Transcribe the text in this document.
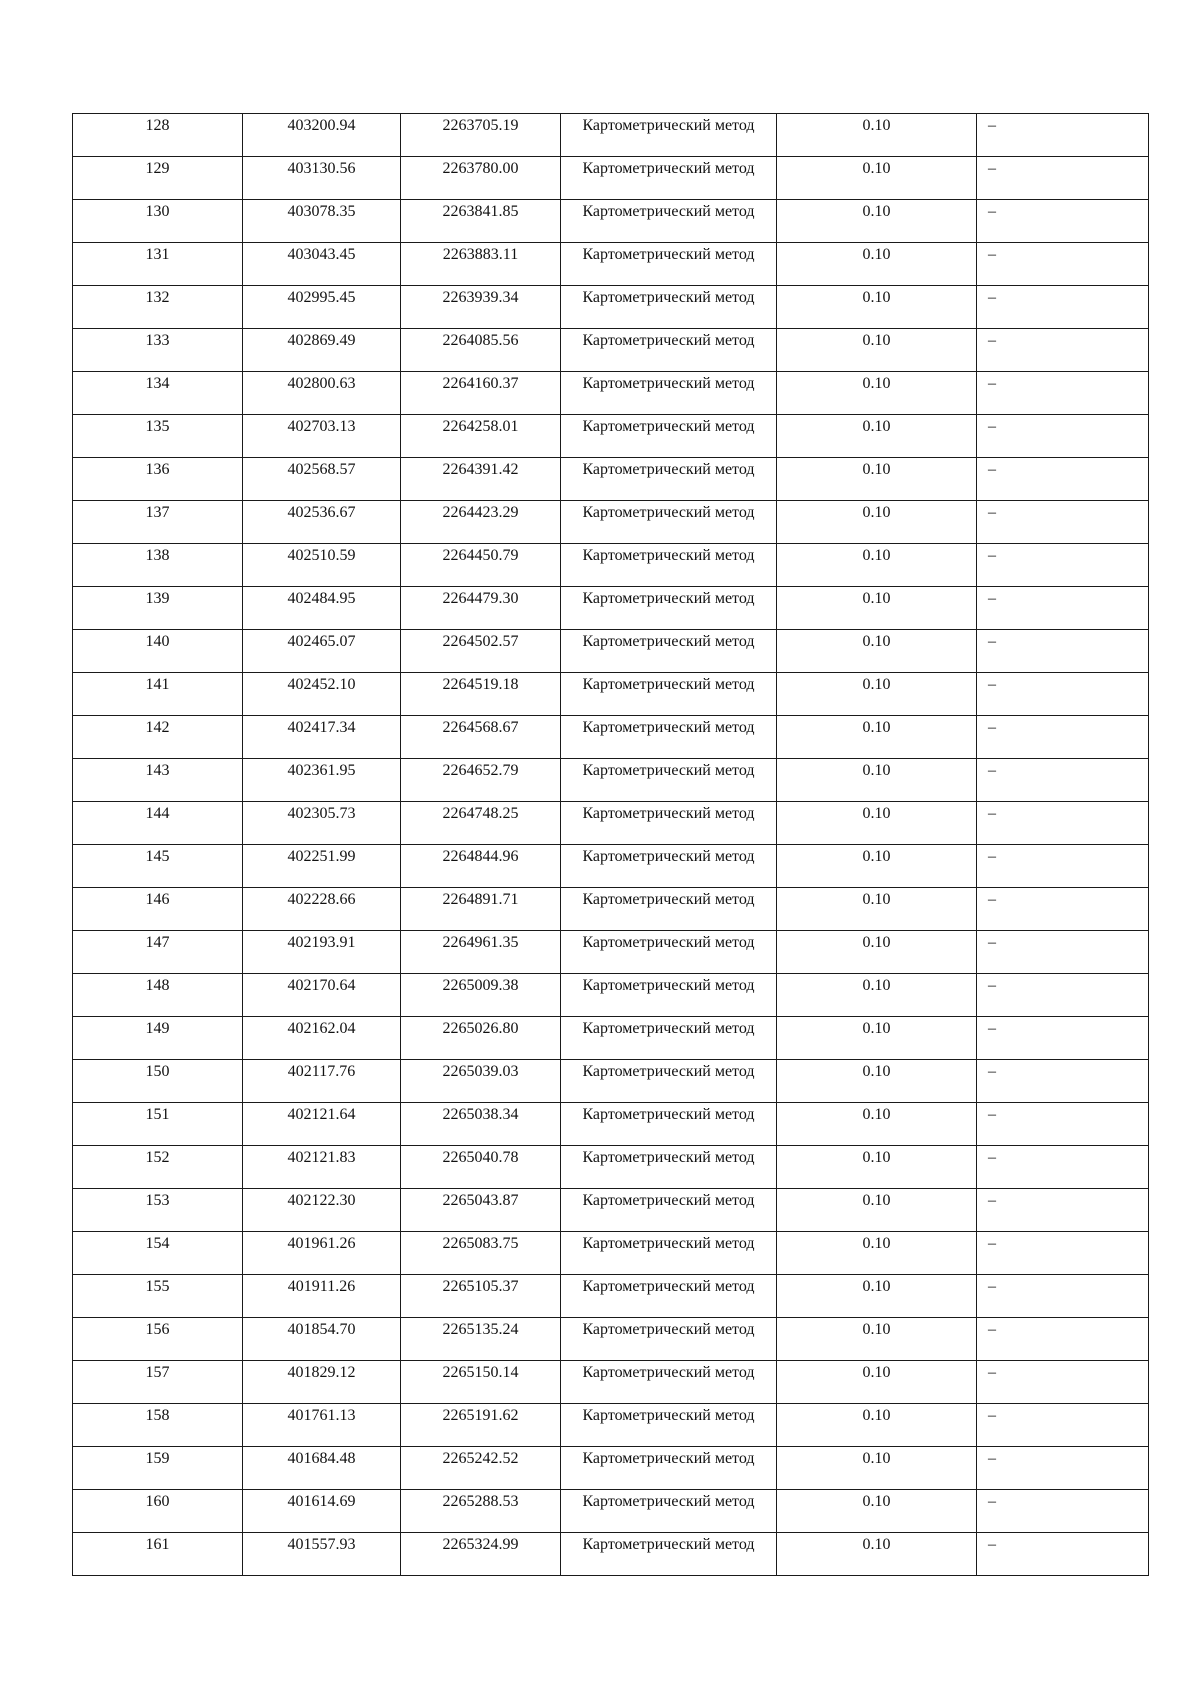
128	403200.94	2263705.19	Картометрический метод	0.10	–

129	403130.56	2263780.00	Картометрический метод	0.10	–

130	403078.35	2263841.85	Картометрический метод	0.10	–

131	403043.45	2263883.11	Картометрический метод	0.10	–

132	402995.45	2263939.34	Картометрический метод	0.10	–

133	402869.49	2264085.56	Картометрический метод	0.10	–

134	402800.63	2264160.37	Картометрический метод	0.10	–

135	402703.13	2264258.01	Картометрический метод	0.10	–

136	402568.57	2264391.42	Картометрический метод	0.10	–

137	402536.67	2264423.29	Картометрический метод	0.10	–

138	402510.59	2264450.79	Картометрический метод	0.10	–

139	402484.95	2264479.30	Картометрический метод	0.10	–

140	402465.07	2264502.57	Картометрический метод	0.10	–

141	402452.10	2264519.18	Картометрический метод	0.10	–

142	402417.34	2264568.67	Картометрический метод	0.10	–

143	402361.95	2264652.79	Картометрический метод	0.10	–

144	402305.73	2264748.25	Картометрический метод	0.10	–

145	402251.99	2264844.96	Картометрический метод	0.10	–

146	402228.66	2264891.71	Картометрический метод	0.10	–

147	402193.91	2264961.35	Картометрический метод	0.10	–

148	402170.64	2265009.38	Картометрический метод	0.10	–

149	402162.04	2265026.80	Картометрический метод	0.10	–

150	402117.76	2265039.03	Картометрический метод	0.10	–

151	402121.64	2265038.34	Картометрический метод	0.10	–

152	402121.83	2265040.78	Картометрический метод	0.10	–

153	402122.30	2265043.87	Картометрический метод	0.10	–

154	401961.26	2265083.75	Картометрический метод	0.10	–

155	401911.26	2265105.37	Картометрический метод	0.10	–

156	401854.70	2265135.24	Картометрический метод	0.10	–

157	401829.12	2265150.14	Картометрический метод	0.10	–

158	401761.13	2265191.62	Картометрический метод	0.10	–

159	401684.48	2265242.52	Картометрический метод	0.10	–

160	401614.69	2265288.53	Картометрический метод	0.10	–

161	401557.93	2265324.99	Картометрический метод	0.10	–
